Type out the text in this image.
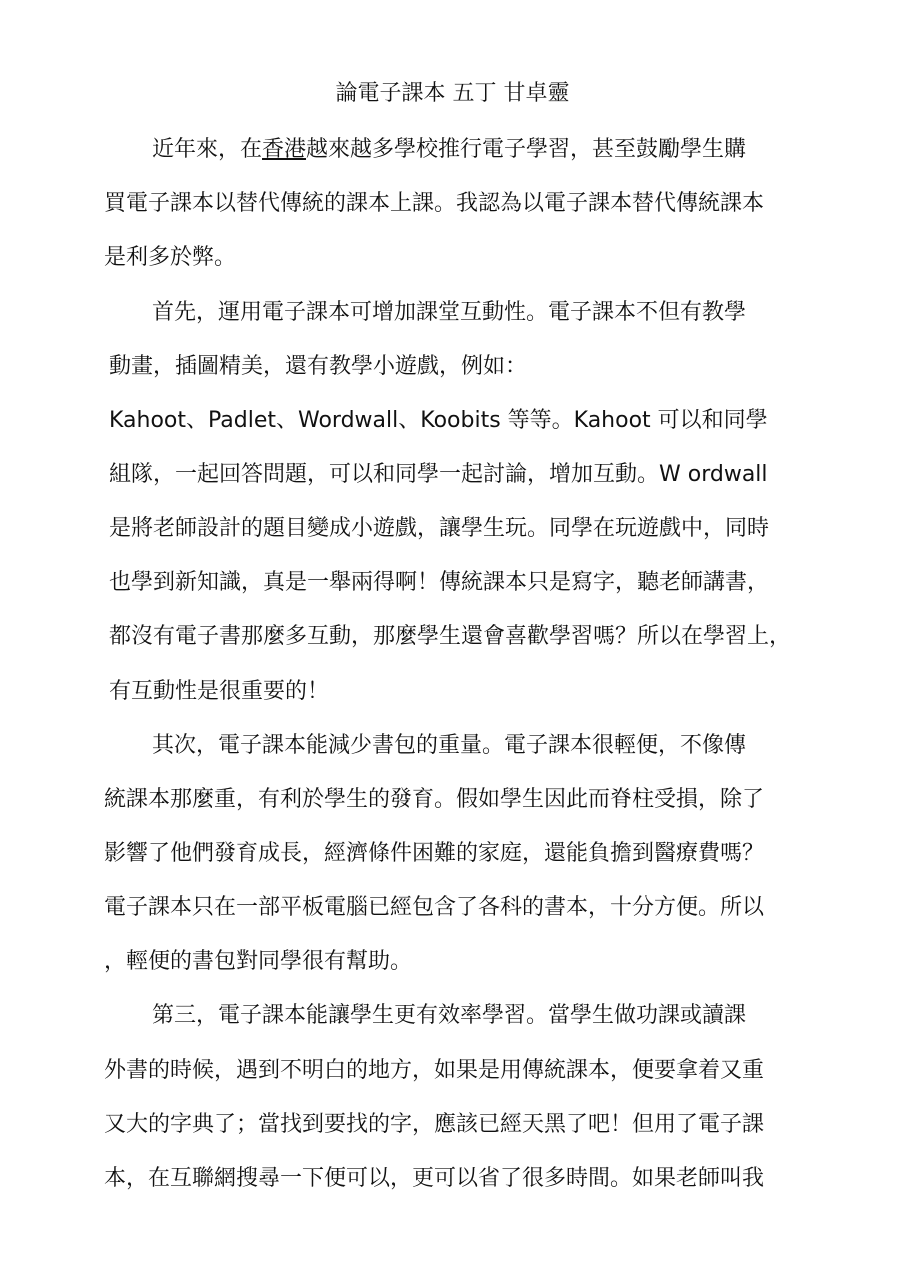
論電子課本 五丁 甘卓靈
近年來，在香港越來越多學校推行電子學習，甚至鼓勵學生購
買電子課本以替代傳統的課本上課。我認為以電子課本替代傳統課本
是利多於弊。
首先，運用電子課本可增加課堂互動性。電子課本不但有教學
動畫，插圖精美，還有教學小遊戲，例如：
Kahoot、Padlet、Wordwall、Koobits 等等。Kahoot 可以和同學
組隊，一起回答問題，可以和同學一起討論，增加互動。W ordwall
是將老師設計的題目變成小遊戲，讓學生玩。同學在玩遊戲中，同時
也學到新知識，真是一舉兩得啊！傳統課本只是寫字，聽老師講書，
都沒有電子書那麼多互動，那麼學生還會喜歡學習嗎？所以在學習上，
有互動性是很重要的！
其次，電子課本能減少書包的重量。電子課本很輕便，不像傳
統課本那麼重，有利於學生的發育。假如學生因此而脊柱受損，除了
影響了他們發育成長，經濟條件困難的家庭，還能負擔到醫療費嗎？
電子課本只在一部平板電腦已經包含了各科的書本，十分方便。所以
，輕便的書包對同學很有幫助。
第三，電子課本能讓學生更有效率學習。當學生做功課或讀課
外書的時候，遇到不明白的地方，如果是用傳統課本，便要拿着又重
又大的字典了；當找到要找的字，應該已經天黑了吧！但用了電子課
本，在互聯網搜尋一下便可以，更可以省了很多時間。如果老師叫我
